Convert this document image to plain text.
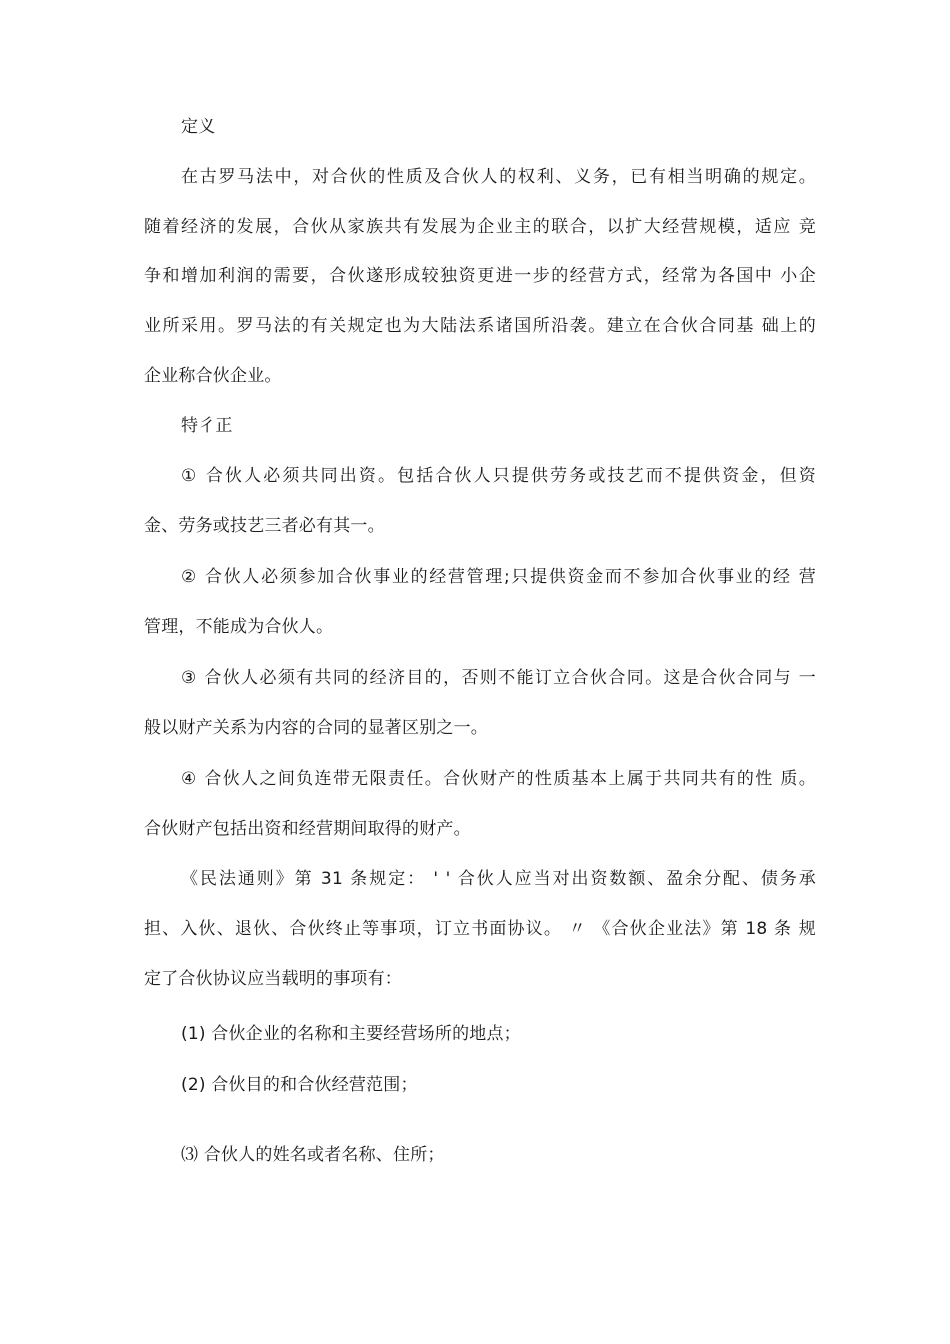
定义
在古罗马法中，对合伙的性质及合伙人的权利、义务，已有相当明确的规定。
随着经济的发展，合伙从家族共有发展为企业主的联合，以扩大经营规模，适应 竞
争和增加利润的需要，合伙遂形成较独资更进一步的经营方式，经常为各国中 小企
业所采用。罗马法的有关规定也为大陆法系诸国所沿袭。建立在合伙合同基 础上的
企业称合伙企业。
特彳正
① 合伙人必须共同出资。包括合伙人只提供劳务或技艺而不提供资金，但资
金、劳务或技艺三者必有其一。
② 合伙人必须参加合伙事业的经营管理;只提供资金而不参加合伙事业的经 营
管理，不能成为合伙人。
③ 合伙人必须有共同的经济目的，否则不能订立合伙合同。这是合伙合同与 一
般以财产关系为内容的合同的显著区别之一。
④ 合伙人之间负连带无限责任。合伙财产的性质基本上属于共同共有的性 质。
合伙财产包括出资和经营期间取得的财产。
《民法通则》第 31 条规定： ' ' 合伙人应当对出资数额、盈余分配、债务承
担、入伙、退伙、合伙终止等事项，订立书面协议。 〃 《合伙企业法》第 18 条 规
定了合伙协议应当载明的事项有：
(1) 合伙企业的名称和主要经营场所的地点；
(2) 合伙目的和合伙经营范围；
⑶ 合伙人的姓名或者名称、住所；
